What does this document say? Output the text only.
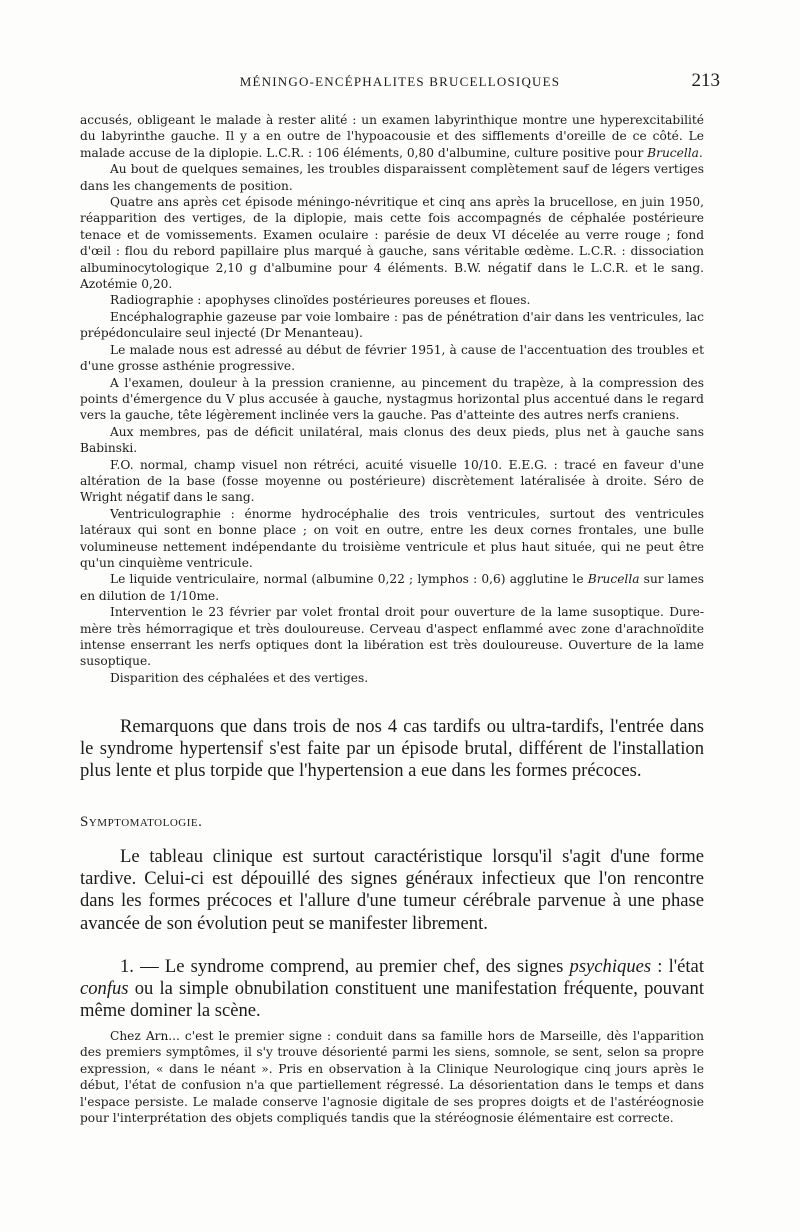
MÉNINGO-ENCÉPHALITES BRUCELLOSIQUES	213

accusés, obligeant le malade à rester alité : un examen labyrinthique montre une hyperexcitabilité du labyrinthe gauche. Il y a en outre de l'hypoacousie et des sifflements d'oreille de ce côté. Le malade accuse de la diplopie. L.C.R. : 106 éléments, 0,80 d'albumine, culture positive pour Brucella.

Au bout de quelques semaines, les troubles disparaissent complètement sauf de légers vertiges dans les changements de position.

Quatre ans après cet épisode méningo-névritique et cinq ans après la brucellose, en juin 1950, réapparition des vertiges, de la diplopie, mais cette fois accompagnés de céphalée postérieure tenace et de vomissements. Examen oculaire : parésie de deux VI décelée au verre rouge ; fond d'œil : flou du rebord papillaire plus marqué à gauche, sans véritable œdème. L.C.R. : dissociation albuminocytologique 2,10 g d'albumine pour 4 éléments. B.W. négatif dans le L.C.R. et le sang. Azotémie 0,20.

Radiographie : apophyses clinoïdes postérieures poreuses et floues.

Encéphalographie gazeuse par voie lombaire : pas de pénétration d'air dans les ventricules, lac prépédonculaire seul injecté (Dr Menanteau).

Le malade nous est adressé au début de février 1951, à cause de l'accentuation des troubles et d'une grosse asthénie progressive.

A l'examen, douleur à la pression cranienne, au pincement du trapèze, à la compression des points d'émergence du V plus accusée à gauche, nystagmus horizontal plus accentué dans le regard vers la gauche, tête légèrement inclinée vers la gauche. Pas d'atteinte des autres nerfs craniens.

Aux membres, pas de déficit unilatéral, mais clonus des deux pieds, plus net à gauche sans Babinski.

F.O. normal, champ visuel non rétréci, acuité visuelle 10/10. E.E.G. : tracé en faveur d'une altération de la base (fosse moyenne ou postérieure) discrètement latéralisée à droite. Séro de Wright négatif dans le sang.

Ventriculographie : énorme hydrocéphalie des trois ventricules, surtout des ventricules latéraux qui sont en bonne place ; on voit en outre, entre les deux cornes frontales, une bulle volumineuse nettement indépendante du troisième ventricule et plus haut située, qui ne peut être qu'un cinquième ventricule.

Le liquide ventriculaire, normal (albumine 0,22 ; lymphos : 0,6) agglutine le Brucella sur lames en dilution de 1/10me.

Intervention le 23 février par volet frontal droit pour ouverture de la lame susoptique. Dure-mère très hémorragique et très douloureuse. Cerveau d'aspect enflammé avec zone d'arachnoïdite intense enserrant les nerfs optiques dont la libération est très douloureuse. Ouverture de la lame susoptique.

Disparition des céphalées et des vertiges.

Remarquons que dans trois de nos 4 cas tardifs ou ultra-tardifs, l'entrée dans le syndrome hypertensif s'est faite par un épisode brutal, différent de l'installation plus lente et plus torpide que l'hypertension a eue dans les formes précoces.

Symptomatologie.

Le tableau clinique est surtout caractéristique lorsqu'il s'agit d'une forme tardive. Celui-ci est dépouillé des signes généraux infectieux que l'on rencontre dans les formes précoces et l'allure d'une tumeur cérébrale parvenue à une phase avancée de son évolution peut se manifester librement.

1. — Le syndrome comprend, au premier chef, des signes psychiques : l'état confus ou la simple obnubilation constituent une manifestation fréquente, pouvant même dominer la scène.

Chez Arn... c'est le premier signe : conduit dans sa famille hors de Marseille, dès l'apparition des premiers symptômes, il s'y trouve désorienté parmi les siens, somnole, se sent, selon sa propre expression, « dans le néant ». Pris en observation à la Clinique Neurologique cinq jours après le début, l'état de confusion n'a que partiellement régressé. La désorientation dans le temps et dans l'espace persiste. Le malade conserve l'agnosie digitale de ses propres doigts et de l'astéréognosie pour l'interprétation des objets compliqués tandis que la stéréognosie élémentaire est correcte.
